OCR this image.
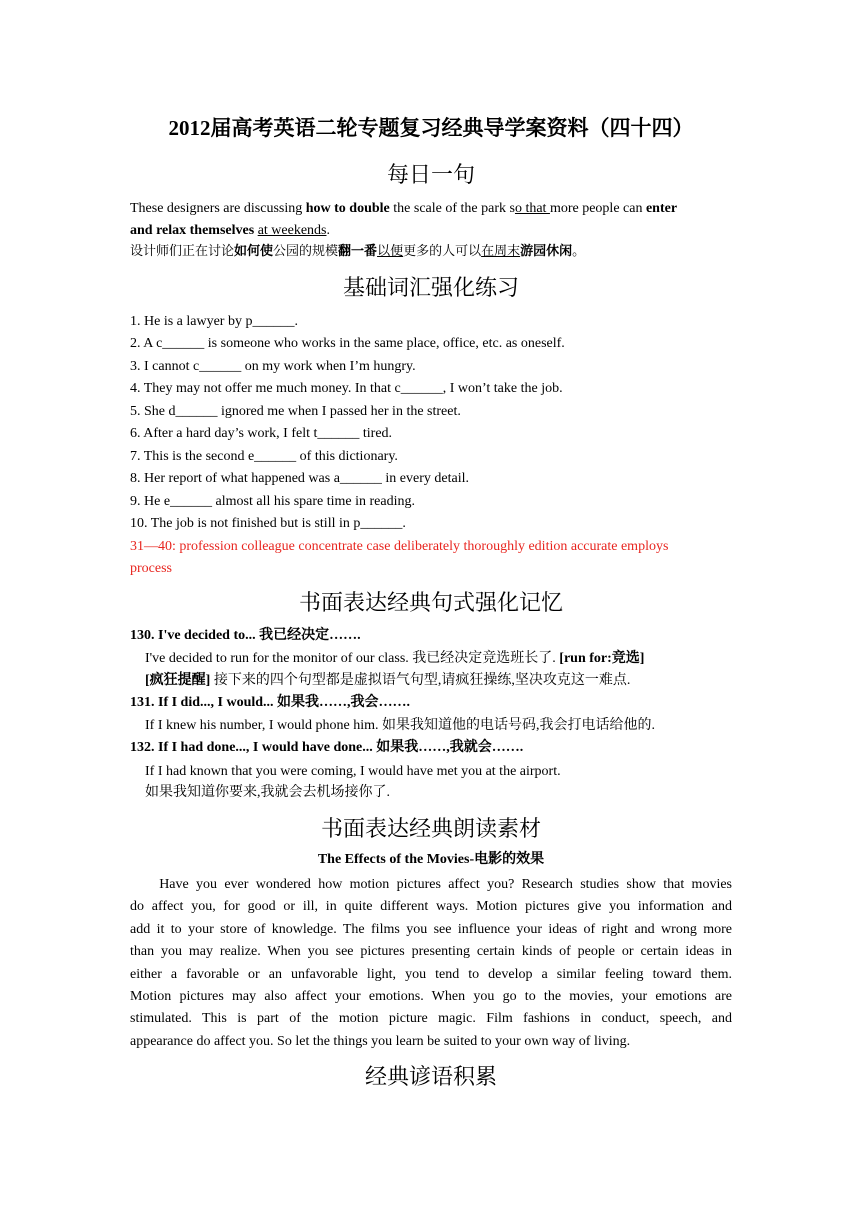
2012届高考英语二轮专题复习经典导学案资料（四十四）
每日一句
These designers are discussing how to double the scale of the park so that more people can enter
and relax themselves at weekends.
设计师们正在讨论如何使公园的规模翻一番以便更多的人可以在周末游园休闲。
基础词汇强化练习
1. He is a lawyer by p______.
2. A c______ is someone who works in the same place, office, etc. as oneself.
3. I cannot c______ on my work when I’m hungry.
4. They may not offer me much money. In that c______, I won’t take the job.
5. She d______ ignored me when I passed her in the street.
6. After a hard day’s work, I felt t______ tired.
7. This is the second e______ of this dictionary.
8. Her report of what happened was a______ in every detail.
9. He e______ almost all his spare time in reading.
10. The job is not finished but is still in p______.
31—40: profession colleague concentrate case deliberately thoroughly edition accurate employs
process
书面表达经典句式强化记忆
130. I've decided to... 我已经决定…….
I've decided to run for the monitor of our class. 我已经决定竞选班长了. [run for:竞选]
[疯狂提醒] 接下来的四个句型都是虚拟语气句型,请疯狂操练,坚决攻克这一难点.
131. If I did..., I would... 如果我……,我会…….
If I knew his number, I would phone him. 如果我知道他的电话号码,我会打电话给他的.
132. If I had done..., I would have done... 如果我……,我就会…….
If I had known that you were coming, I would have met you at the airport.
如果我知道你要来,我就会去机场接你了.
书面表达经典朗读素材
The Effects of the Movies-电影的效果
Have you ever wondered how motion pictures affect you? Research studies show that movies
do affect you, for good or ill, in quite different ways. Motion pictures give you information and
add it to your store of knowledge. The films you see influence your ideas of right and wrong more
than you may realize. When you see pictures presenting certain kinds of people or certain ideas in
either a favorable or an unfavorable light, you tend to develop a similar feeling toward them.
Motion pictures may also affect your emotions. When you go to the movies, your emotions are
stimulated. This is part of the motion picture magic. Film fashions in conduct, speech, and
appearance do affect you. So let the things you learn be suited to your own way of living.
经典谚语积累
